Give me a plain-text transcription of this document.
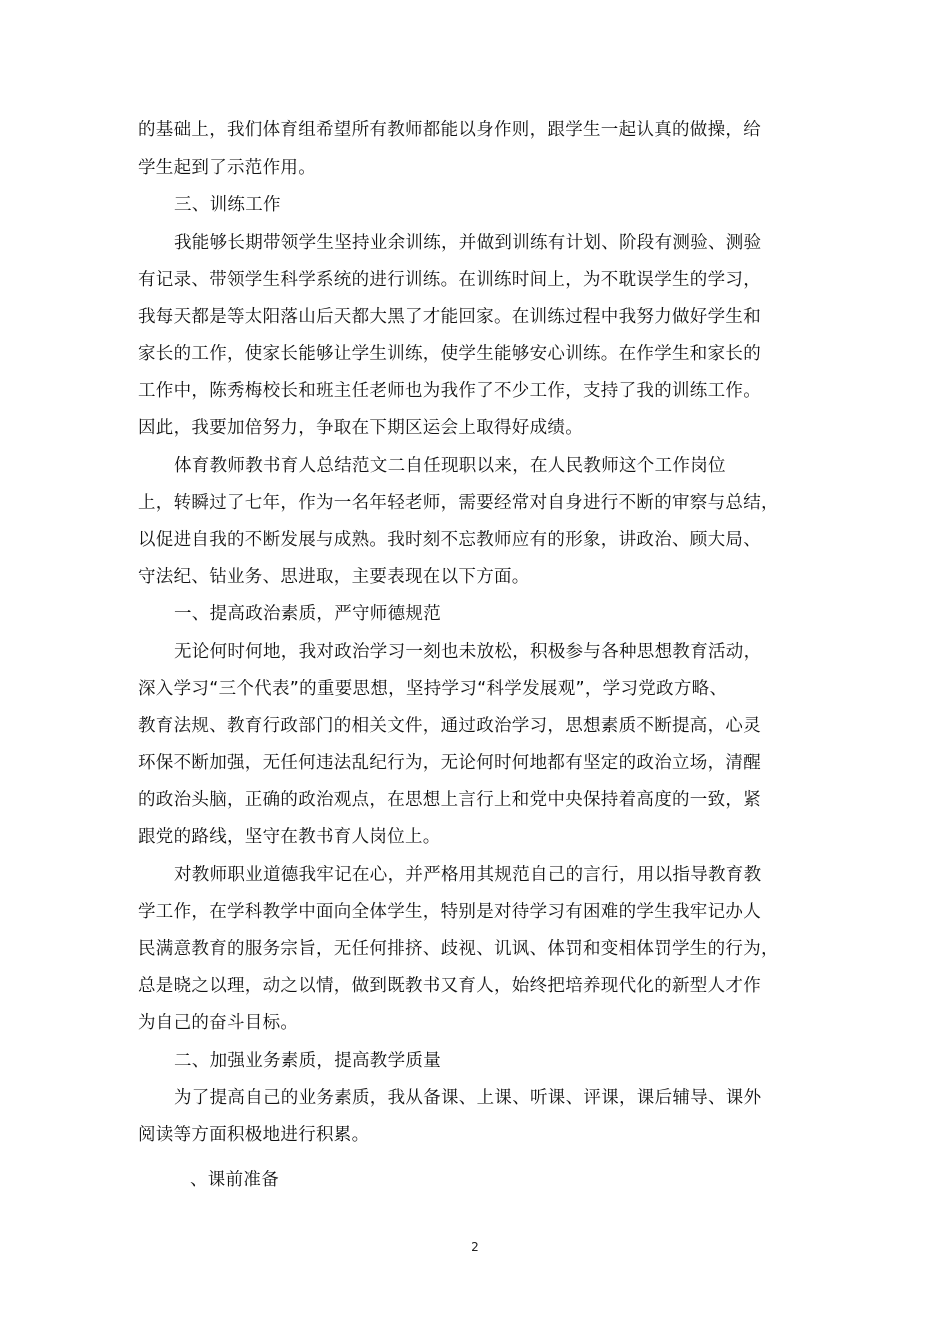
的基础上，我们体育组希望所有教师都能以身作则，跟学生一起认真的做操，给
学生起到了示范作用。
三、训练工作
我能够长期带领学生坚持业余训练，并做到训练有计划、阶段有测验、测验
有记录、带领学生科学系统的进行训练。在训练时间上，为不耽误学生的学习，
我每天都是等太阳落山后天都大黑了才能回家。在训练过程中我努力做好学生和
家长的工作，使家长能够让学生训练，使学生能够安心训练。在作学生和家长的
工作中，陈秀梅校长和班主任老师也为我作了不少工作，支持了我的训练工作。
因此，我要加倍努力，争取在下期区运会上取得好成绩。
体育教师教书育人总结范文二自任现职以来，在人民教师这个工作岗位
上，转瞬过了七年，作为一名年轻老师，需要经常对自身进行不断的审察与总结，
以促进自我的不断发展与成熟。我时刻不忘教师应有的形象，讲政治、顾大局、
守法纪、钻业务、思进取，主要表现在以下方面。
一、提高政治素质，严守师德规范
无论何时何地，我对政治学习一刻也未放松，积极参与各种思想教育活动，
深入学习“三个代表”的重要思想，坚持学习“科学发展观”，学习党政方略、
教育法规、教育行政部门的相关文件，通过政治学习，思想素质不断提高，心灵
环保不断加强，无任何违法乱纪行为，无论何时何地都有坚定的政治立场，清醒
的政治头脑，正确的政治观点，在思想上言行上和党中央保持着高度的一致，紧
跟党的路线，坚守在教书育人岗位上。
对教师职业道德我牢记在心，并严格用其规范自己的言行，用以指导教育教
学工作，在学科教学中面向全体学生，特别是对待学习有困难的学生我牢记办人
民满意教育的服务宗旨，无任何排挤、歧视、讥讽、体罚和变相体罚学生的行为，
总是晓之以理，动之以情，做到既教书又育人，始终把培养现代化的新型人才作
为自己的奋斗目标。
二、加强业务素质，提高教学质量
为了提高自己的业务素质，我从备课、上课、听课、评课，课后辅导、课外
阅读等方面积极地进行积累。
、课前准备
2
